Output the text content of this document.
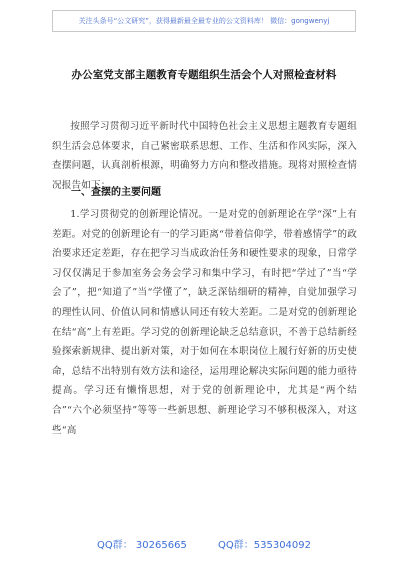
关注头条号“公文研究”，获得最新最全最专业的公文资料库！ 微信：gongwenyj
办公室党支部主题教育专题组织生活会个人对照检查材料

按照学习贯彻习近平新时代中国特色社会主义思想主题教育专题组织生活会总体要求，自己紧密联系思想、工作、生活和作风实际，深入查摆问题，认真剖析根源，明确努力方向和整改措施。现将对照检查情况报告如下：

一、查摆的主要问题

1.学习贯彻党的创新理论情况。一是对党的创新理论在学“深”上有差距。对党的创新理论有一的学习距离“带着信仰学，带着感情学”的政治要求还定差距，存在把学习当成政治任务和硬性要求的现象，日常学习仅仅满足于参加室务会务会学习和集中学习，有时把“学过了”当“学会了”，把“知道了”当“学懂了”，缺乏深钻细研的精神，自觉加强学习的理性认同、价值认同和情感认同还有较大差距。二是对党的创新理论在结“高”上有差距。学习党的创新理论缺乏总结意识，不善于总结新经验探索新规律、提出新对策，对于如何在本职岗位上履行好新的历史使命，总结不出特别有效方法和途径，运用理论解决实际问题的能力亟待提高。学习还有懒惰思想，对于党的创新理论中，尤其是“两个结合”“六个必须坚持”等等一些新思想、新理论学习不够积极深入，对这些“高

QQ群： 30265665	QQ群：535304092
